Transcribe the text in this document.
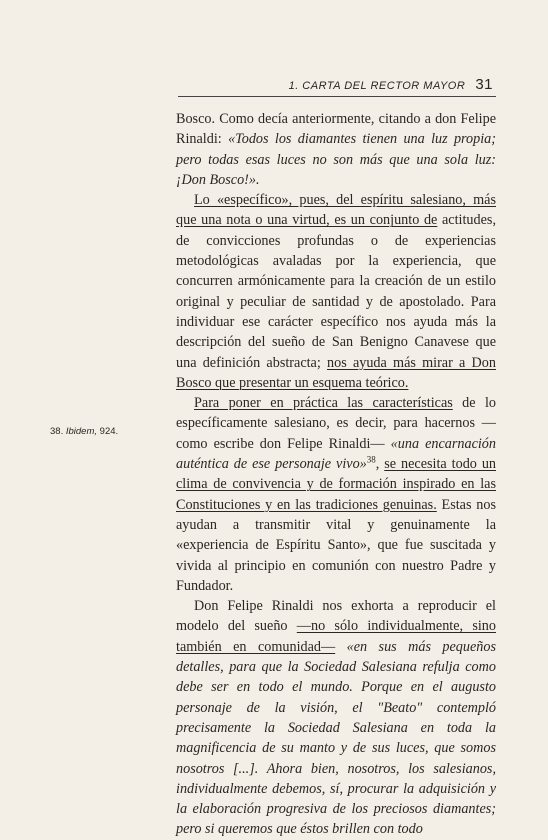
1. CARTA DEL RECTOR MAYOR 31
38. Ibidem, 924.

Bosco. Como decía anteriormente, citando a don Felipe Rinaldi: «Todos los diamantes tienen una luz propia; pero todas esas luces no son más que una sola luz: ¡Don Bosco!».

Lo «específico», pues, del espíritu salesiano, más que una nota o una virtud, es un conjunto de actitudes, de convicciones profundas o de experiencias metodológicas avaladas por la experiencia, que concurren armónicamente para la creación de un estilo original y peculiar de santidad y de apostolado. Para individuar ese carácter específico nos ayuda más la descripción del sueño de San Benigno Canavese que una definición abstracta; nos ayuda más mirar a Don Bosco que presentar un esquema teórico.

Para poner en práctica las características de lo específicamente salesiano, es decir, para hacernos —como escribe don Felipe Rinaldi— «una encarnación auténtica de ese personaje vivo»$^{38}$, se necesita todo un clima de convivencia y de formación inspirado en las Constituciones y en las tradiciones genuinas. Estas nos ayudan a transmitir vital y genuinamente la «experiencia de Espíritu Santo», que fue suscitada y vivida al principio en comunión con nuestro Padre y Fundador.

Don Felipe Rinaldi nos exhorta a reproducir el modelo del sueño —no sólo individualmente, sino también en comunidad— «en sus más pequeños detalles, para que la Sociedad Salesiana refulja como debe ser en todo el mundo. Porque en el augusto personaje de la visión, el "Beato" contempló precisamente la Sociedad Salesiana en toda la magnificencia de su manto y de sus luces, que somos nosotros [...]. Ahora bien, nosotros, los salesianos, individualmente debemos, sí, procurar la adquisición y la elaboración progresiva de los preciosos diamantes; pero si queremos que éstos brillen con todo
